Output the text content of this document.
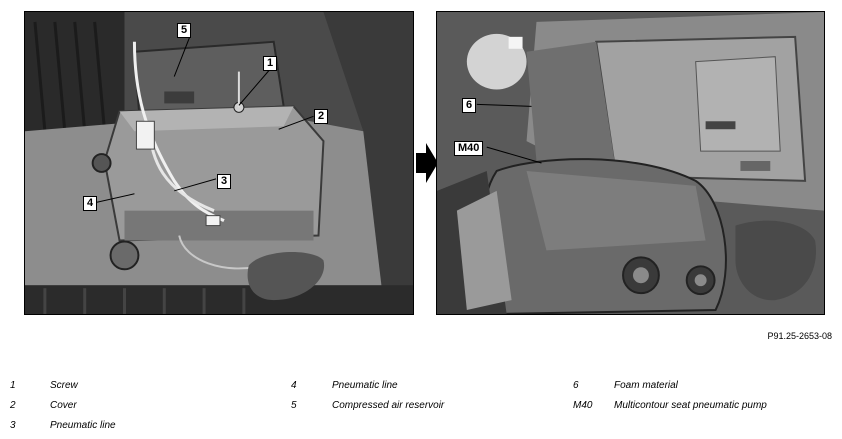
5
1
2
3
4
6
M40
P91.25-2653-08
1	Screw
2	Cover
3	Pneumatic line
4	Pneumatic line
5	Compressed air reservoir
6	Foam material
M40 Multicontour seat pneumatic pump
